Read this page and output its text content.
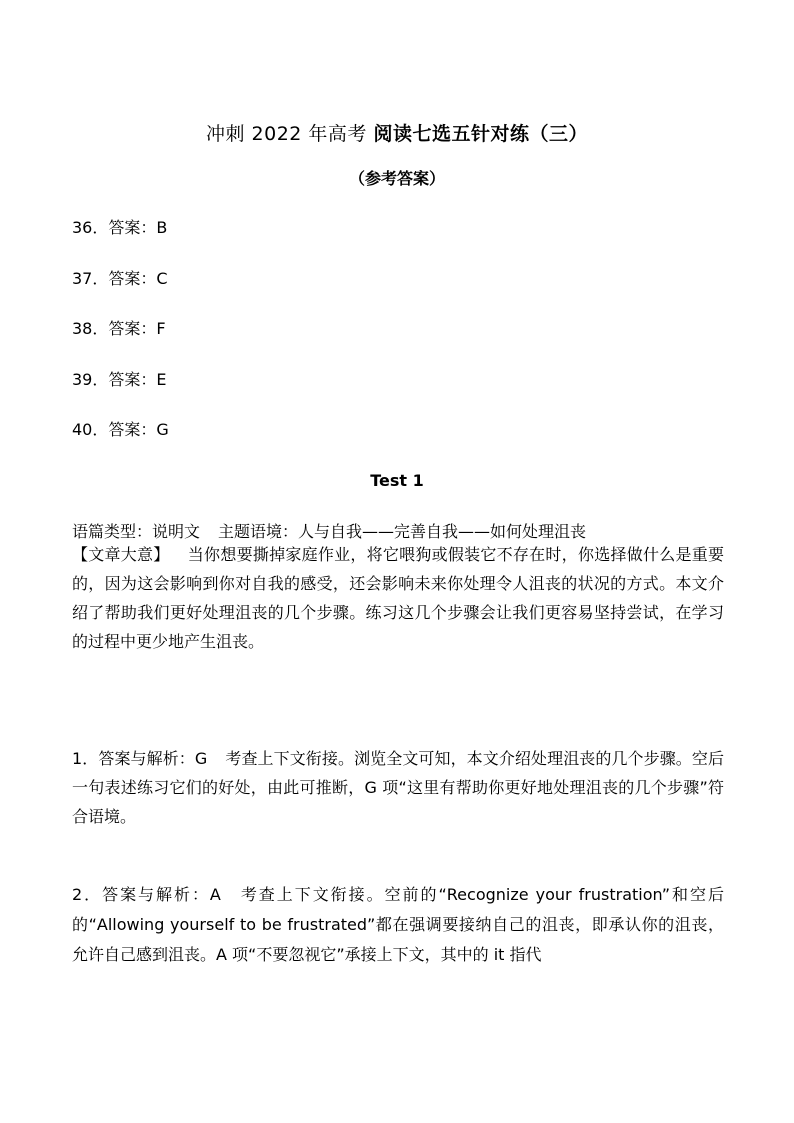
冲刺 2022 年高考 阅读七选五针对练（三）
（参考答案）
36．答案：B
37．答案：C
38．答案：F
39．答案：E
40．答案：G
Test 1
语篇类型：说明文 主题语境：人与自我——完善自我——如何处理沮丧
【文章大意】 当你想要撕掉家庭作业，将它喂狗或假装它不存在时，你选择做什么是重要的，因为这会影响到你对自我的感受，还会影响未来你处理令人沮丧的状况的方式。本文介绍了帮助我们更好处理沮丧的几个步骤。练习这几个步骤会让我们更容易坚持尝试，在学习的过程中更少地产生沮丧。
1．答案与解析：G 考查上下文衔接。浏览全文可知，本文介绍处理沮丧的几个步骤。空后一句表述练习它们的好处，由此可推断，G 项“这里有帮助你更好地处理沮丧的几个步骤”符合语境。
2．答案与解析：A 考查上下文衔接。空前的“Recognize your frustration”和空后的“Allowing yourself to be frustrated”都在强调要接纳自己的沮丧，即承认你的沮丧，允许自己感到沮丧。A 项“不要忽视它”承接上下文，其中的 it 指代
